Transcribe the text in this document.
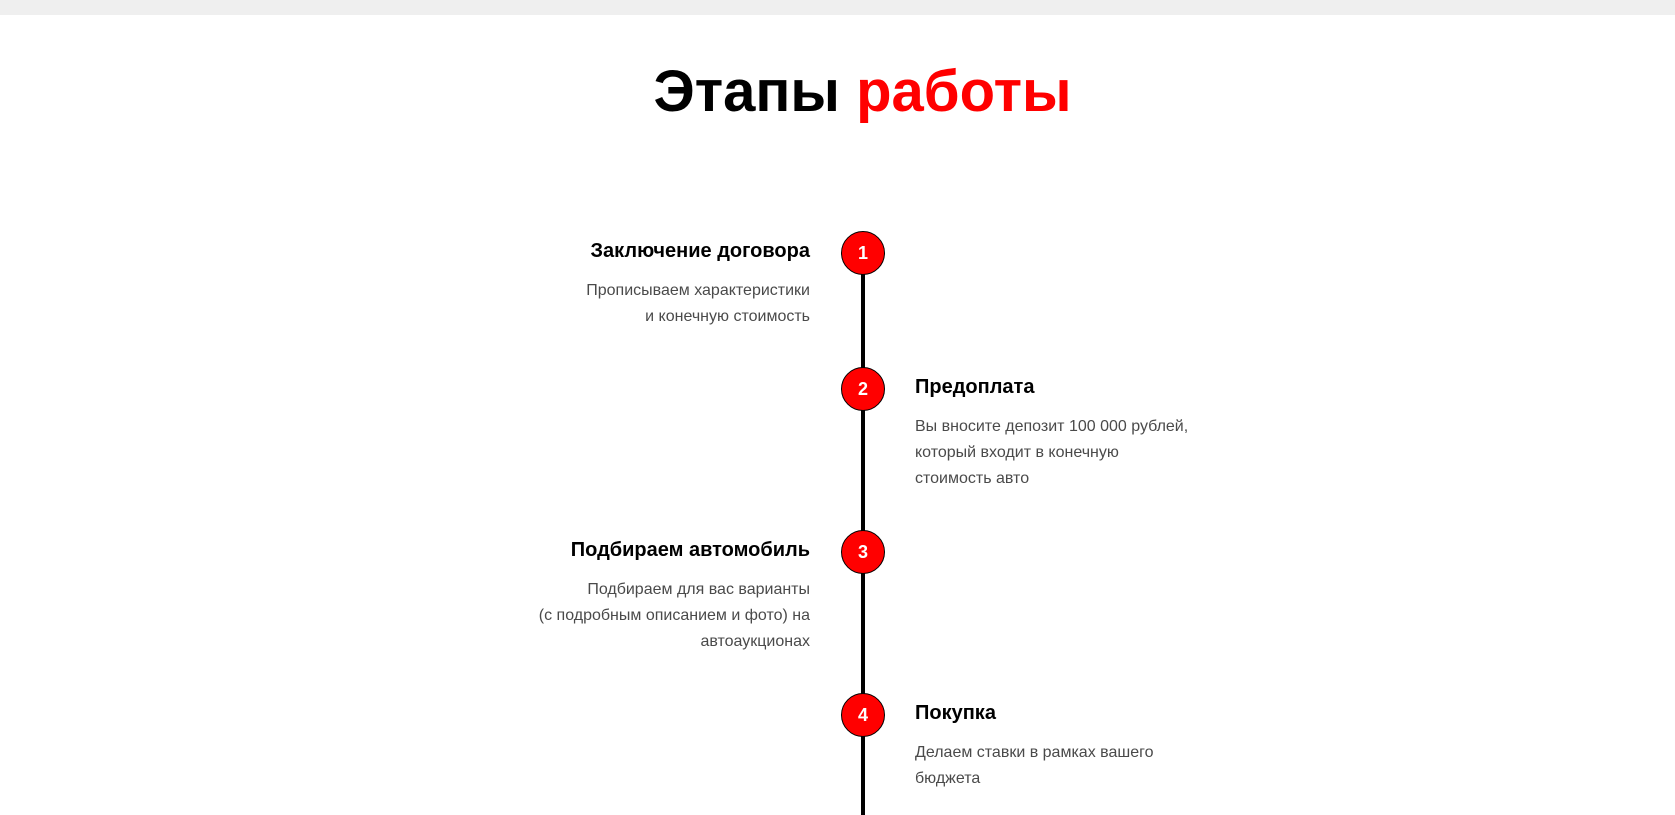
Этапы работы
1
Заключение договора
Прописываем характеристики
и конечную стоимость
2	Предоплата
Вы вносите депозит 100 000 рублей,
который входит в конечную
стоимость авто
3
Подбираем автомобиль
Подбираем для вас варианты
(с подробным описанием и фото) на
автоаукционах
4	Покупка
Делаем ставки в рамках вашего
бюджета
